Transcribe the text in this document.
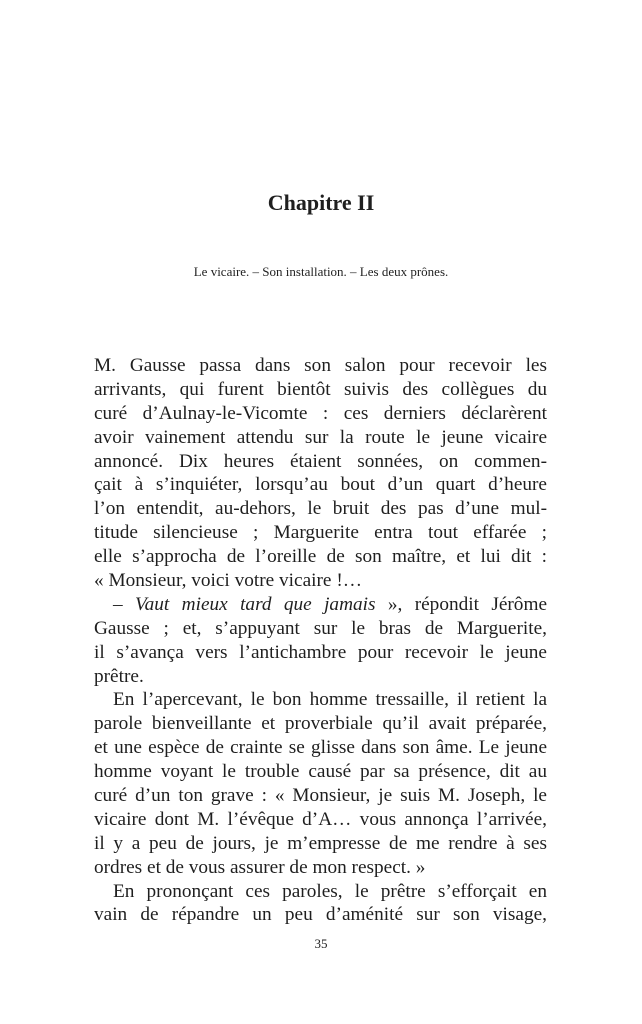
Chapitre II
Le vicaire. – Son installation. – Les deux prônes.
M. Gausse passa dans son salon pour recevoir les
arrivants, qui furent bientôt suivis des collègues du
curé d’Aulnay-le-Vicomte : ces derniers déclarèrent
avoir vainement attendu sur la route le jeune vicaire
annoncé. Dix heures étaient sonnées, on commen-
çait à s’inquiéter, lorsqu’au bout d’un quart d’heure
l’on entendit, au-dehors, le bruit des pas d’une mul-
titude silencieuse ; Marguerite entra tout effarée ;
elle s’approcha de l’oreille de son maître, et lui dit :
« Monsieur, voici votre vicaire !…
– Vaut mieux tard que jamais », répondit Jérôme
Gausse ; et, s’appuyant sur le bras de Marguerite,
il s’avança vers l’antichambre pour recevoir le jeune
prêtre.
En l’apercevant, le bon homme tressaille, il retient la
parole bienveillante et proverbiale qu’il avait préparée,
et une espèce de crainte se glisse dans son âme. Le jeune
homme voyant le trouble causé par sa présence, dit au
curé d’un ton grave : « Monsieur, je suis M. Joseph, le
vicaire dont M. l’évêque d’A… vous annonça l’arrivée,
il y a peu de jours, je m’empresse de me rendre à ses
ordres et de vous assurer de mon respect. »
En prononçant ces paroles, le prêtre s’efforçait en
vain de répandre un peu d’aménité sur son visage,
35
